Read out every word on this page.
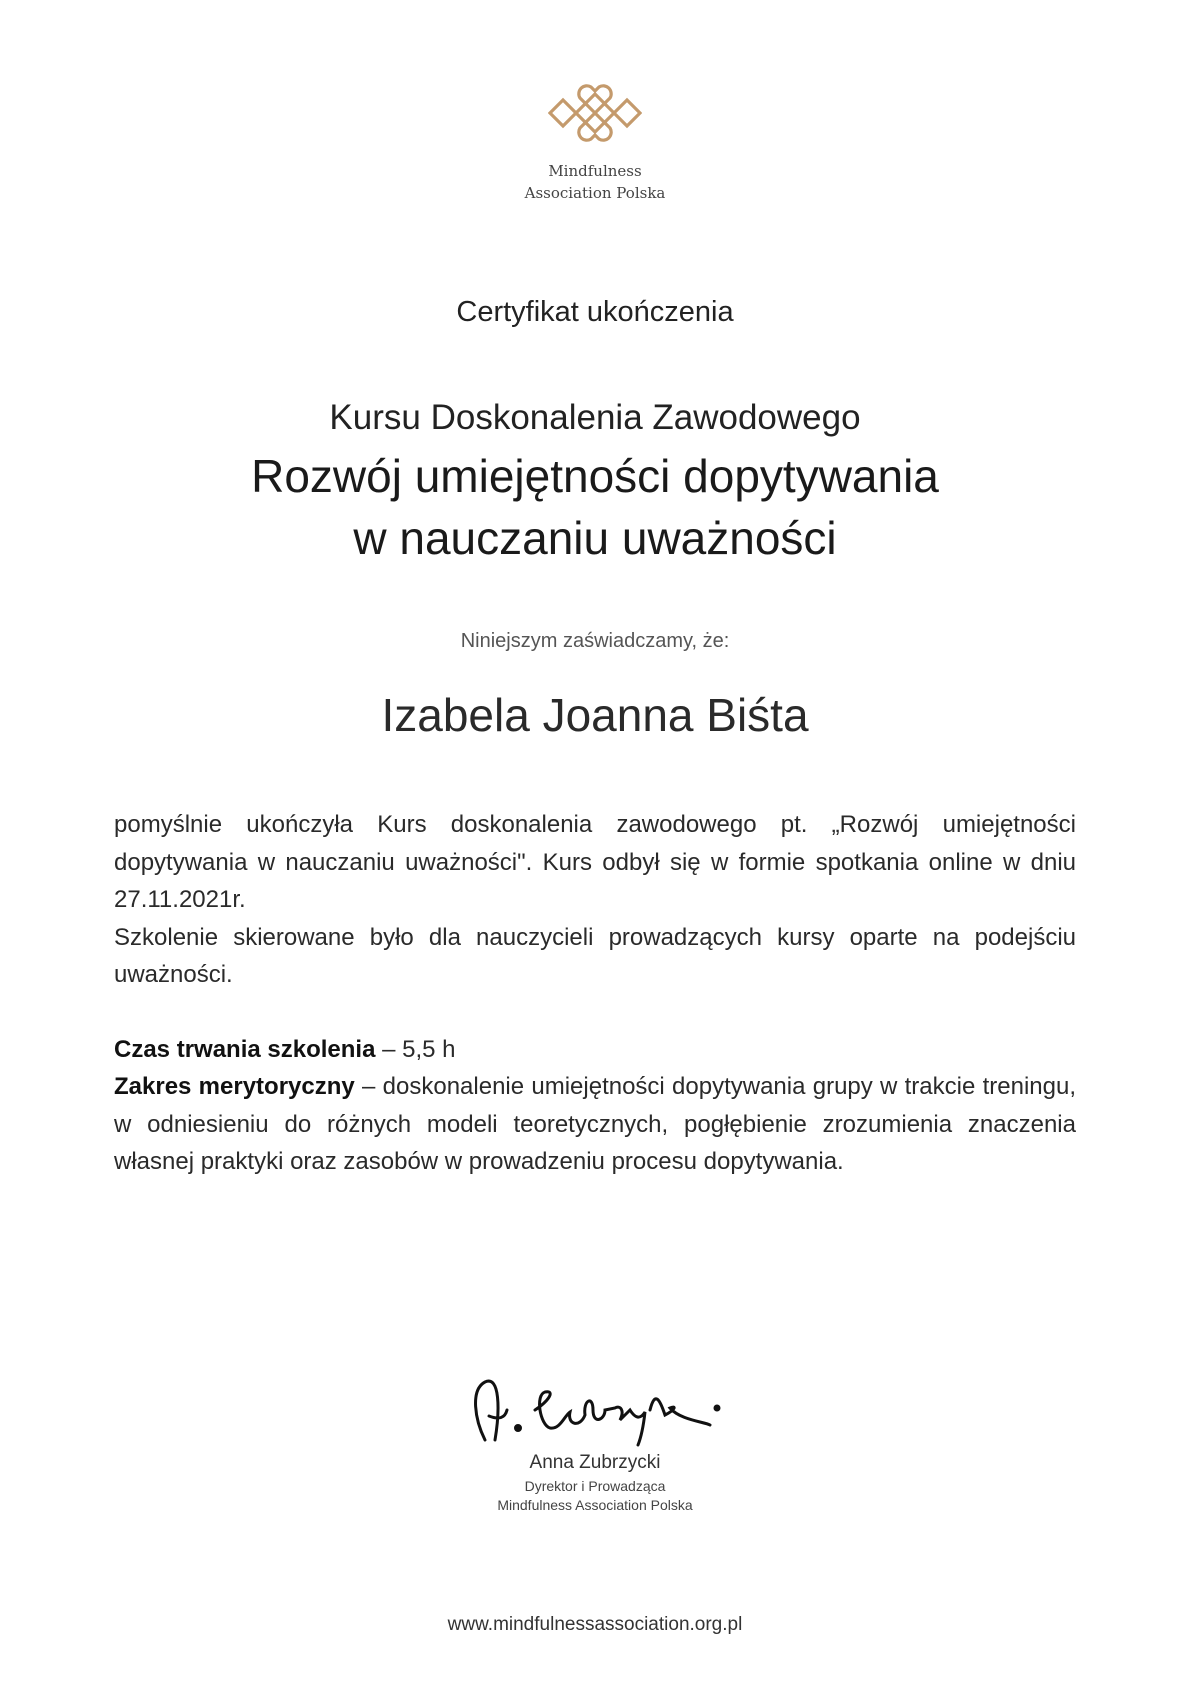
Mindfulness
Association Polska
Certyfikat ukończenia
Kursu Doskonalenia Zawodowego
Rozwój umiejętności dopytywania
w nauczaniu uważności
Niniejszym zaświadczamy, że:
Izabela Joanna Biśta

pomyślnie ukończyła Kurs doskonalenia zawodowego pt. „Rozwój umiejętności dopytywania w nauczaniu uważności". Kurs odbył się w formie spotkania online w dniu 27.11.2021r.

Szkolenie skierowane było dla nauczycieli prowadzących kursy oparte na podejściu uważności.

Czas trwania szkolenia – 5,5 h

Zakres merytoryczny – doskonalenie umiejętności dopytywania grupy w trakcie treningu, w odniesieniu do różnych modeli teoretycznych, pogłębienie zrozumienia znaczenia własnej praktyki oraz zasobów w prowadzeniu procesu dopytywania.

Anna Zubrzycki
Dyrektor i Prowadząca
Mindfulness Association Polska
www.mindfulnessassociation.org.pl
